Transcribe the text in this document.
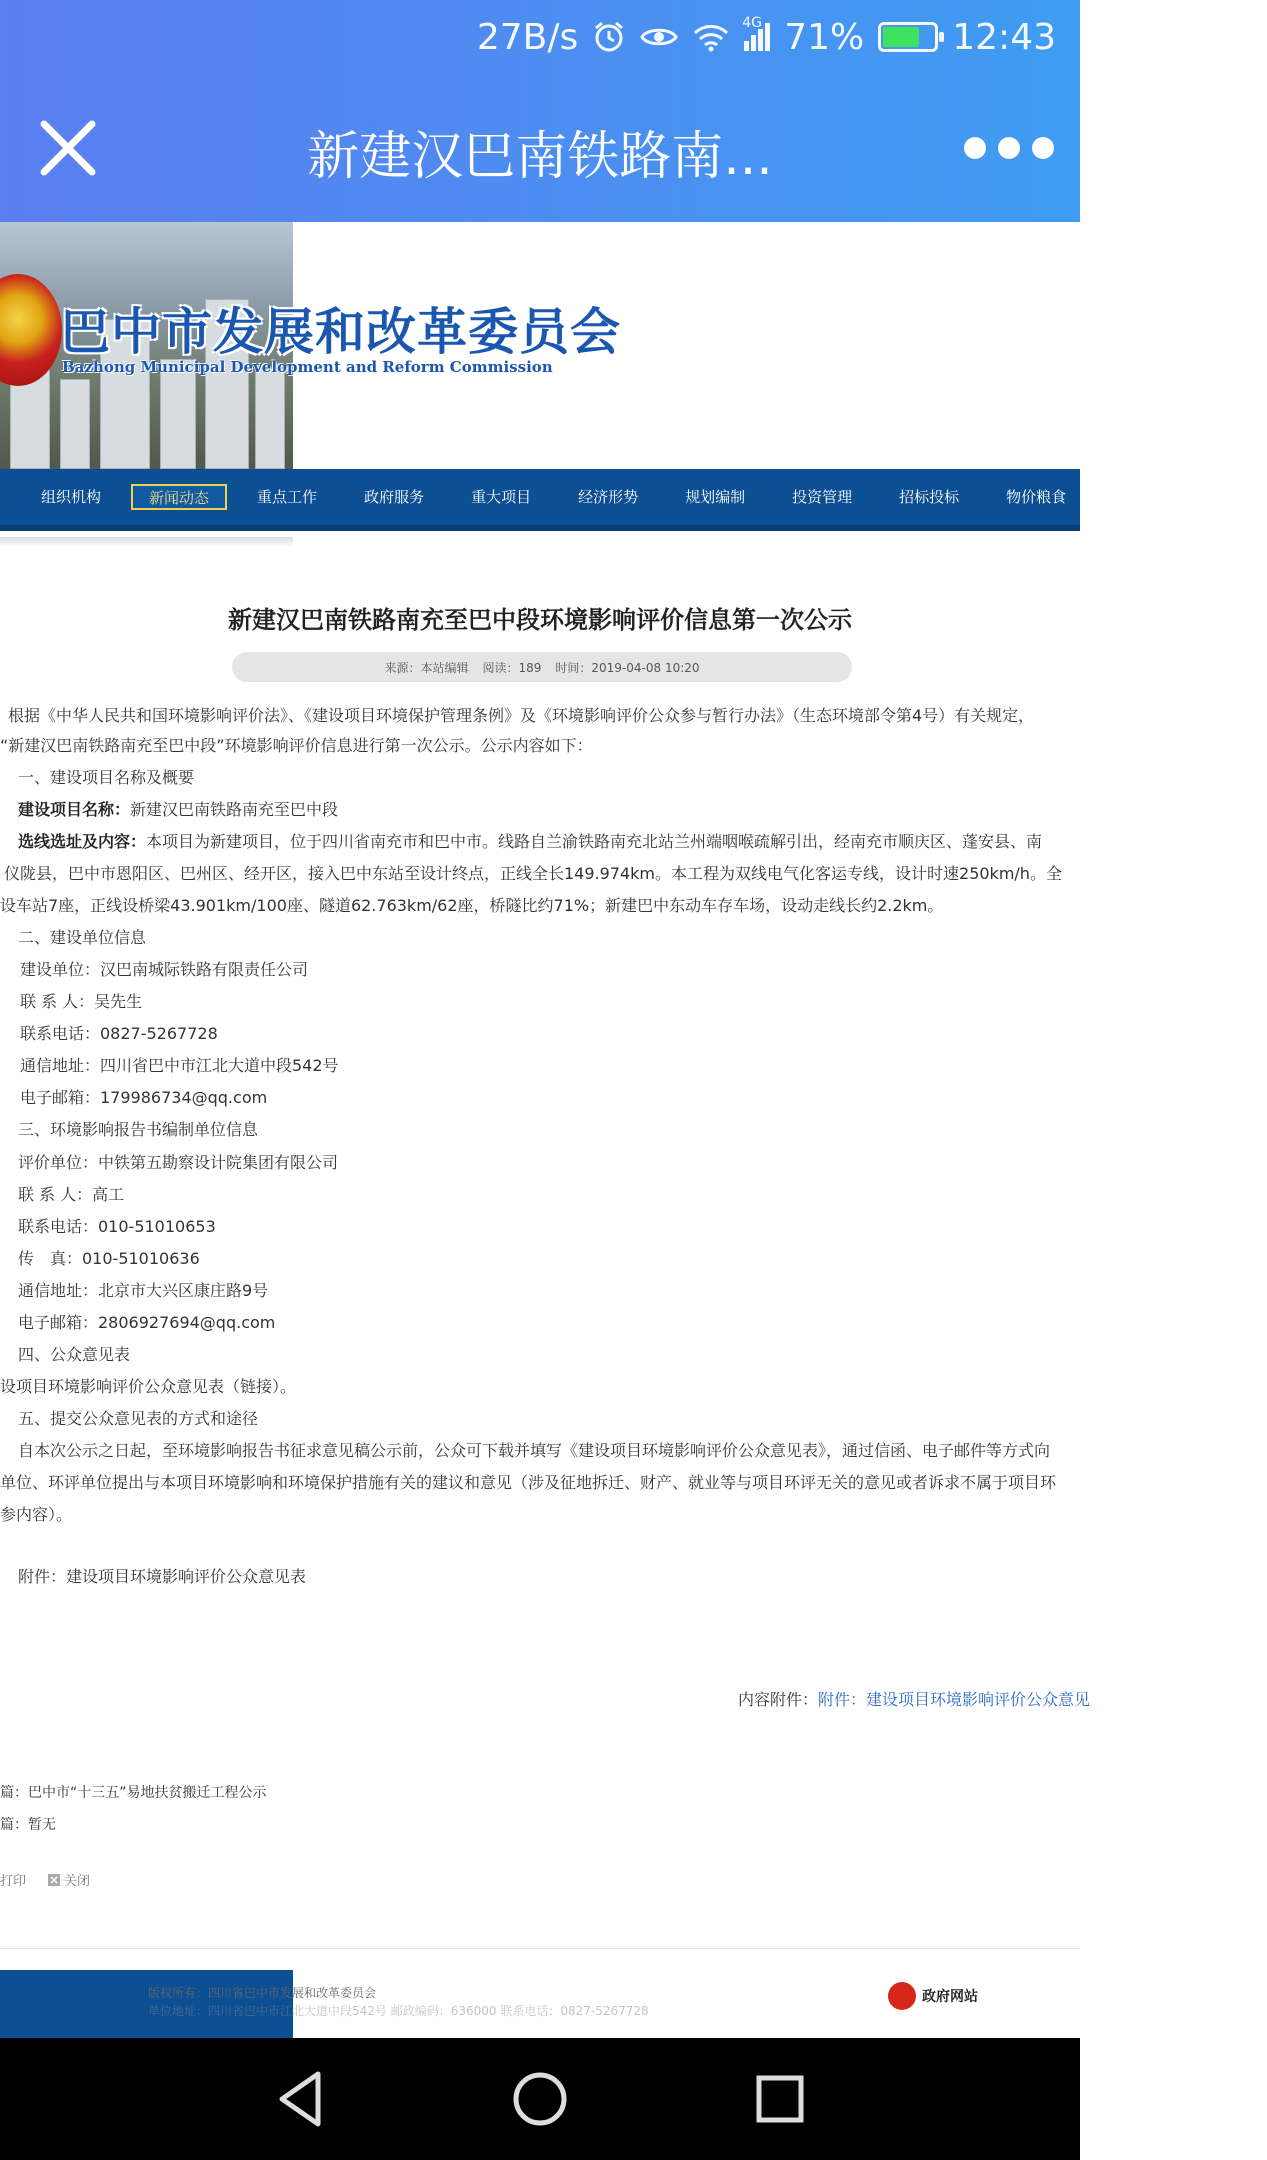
27B/s	4G 71% 12:43
新建汉巴南铁路南...
巴中市发展和改革委员会
Bazhong Municipal Development and Reform Commission
组织机构	新闻动态	重点工作	政府服务	重大项目	经济形势	规划编制	投资管理	招标投标	物价粮食	政策法规	双公
新建汉巴南铁路南充至巴中段环境影响评价信息第一次公示
来源：本站编辑 阅读：189 时间：2019-04-08 10:20
根据《中华人民共和国环境影响评价法》、《建设项目环境保护管理条例》及《环境影响评价公众参与暂行办法》（生态环境部令第4号）有关规定，
“新建汉巴南铁路南充至巴中段”环境影响评价信息进行第一次公示。公示内容如下：
一、建设项目名称及概要
建设项目名称：新建汉巴南铁路南充至巴中段
选线选址及内容：本项目为新建项目，位于四川省南充市和巴中市。线路自兰渝铁路南充北站兰州端咽喉疏解引出，经南充市顺庆区、蓬安县、南
仪陇县，巴中市恩阳区、巴州区、经开区，接入巴中东站至设计终点，正线全长149.974km。本工程为双线电气化客运专线，设计时速250km/h。全
设车站7座，正线设桥梁43.901km/100座、隧道62.763km/62座，桥隧比约71%；新建巴中东动车存车场，设动走线长约2.2km。
二、建设单位信息
建设单位：汉巴南城际铁路有限责任公司
联 系 人：吴先生
联系电话：0827-5267728
通信地址：四川省巴中市江北大道中段542号
电子邮箱：179986734@qq.com
三、环境影响报告书编制单位信息
评价单位：中铁第五勘察设计院集团有限公司
联 系 人：高工
联系电话：010-51010653
传　真：010-51010636
通信地址：北京市大兴区康庄路9号
电子邮箱：2806927694@qq.com
四、公众意见表
设项目环境影响评价公众意见表（链接）。
五、提交公众意见表的方式和途径
自本次公示之日起，至环境影响报告书征求意见稿公示前，公众可下载并填写《建设项目环境影响评价公众意见表》，通过信函、电子邮件等方式向
单位、环评单位提出与本项目环境影响和环境保护措施有关的建议和意见（涉及征地拆迁、财产、就业等与项目环评无关的意见或者诉求不属于项目环
参内容）。
附件：建设项目环境影响评价公众意见表
内容附件：附件：建设项目环境影响评价公众意见
篇：巴中市“十三五”易地扶贫搬迁工程公示
篇：暂无
打印	关闭
版权所有：四川省巴中市发展和改革委员会
单位地址：四川省巴中市江北大道中段542号 邮政编码：636000 联系电话：0827-5267728
政府网站
